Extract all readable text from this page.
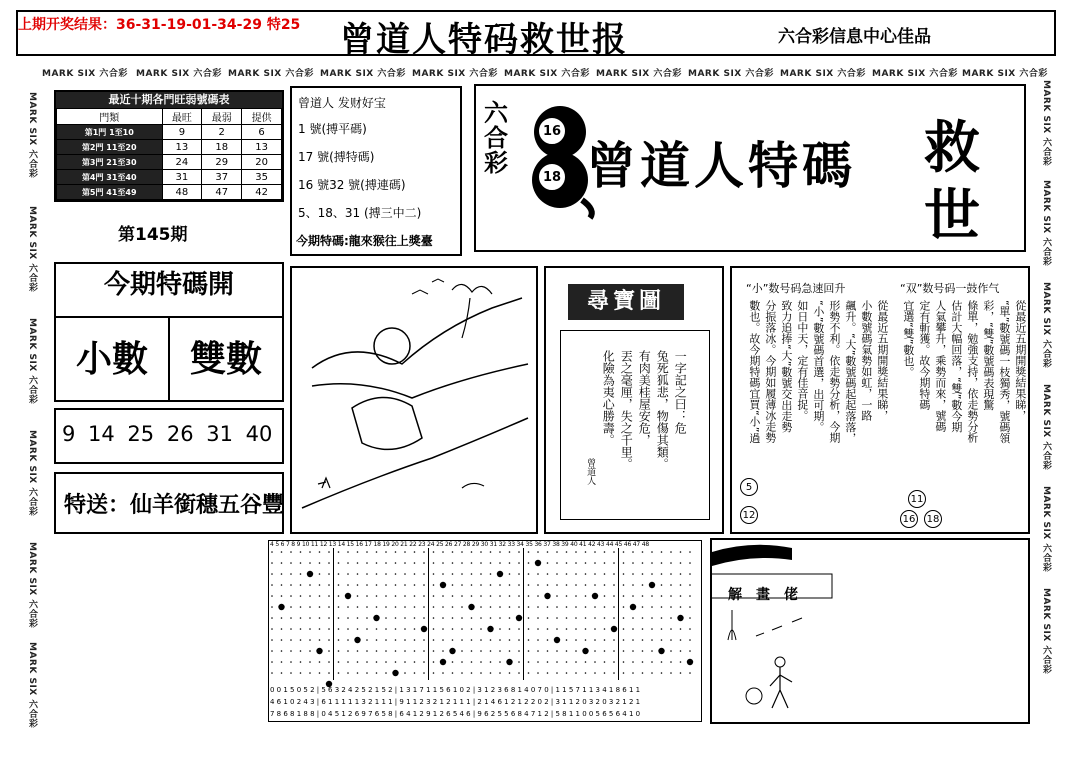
上期开奖结果：36-31-19-01-34-29 特25 曾道人特码救世报	六合彩信息中心佳品
MARK SIX 六合彩 MARK SIX 六合彩 MARK SIX 六合彩 MARK SIX 六合彩 MARK SIX 六合彩 MARK SIX 六合彩 MARK SIX 六合彩 MARK SIX 六合彩 MARK SIX 六合彩 MARK SIX 六合彩 MARK SIX 六合彩
MARK SIX 六合彩
MARK SIX 六合彩
MARK SIX 六合彩
MARK SIX 六合彩
MARK SIX 六合彩
MARK SIX 六合彩
MARK SIX 六合彩
MARK SIX 六合彩
MARK SIX 六合彩
MARK SIX 六合彩
MARK SIX 六合彩
MARK SIX 六合彩
最近十期各門旺弱號碼表
門類	最旺	最弱	提供
第1門 1至10	9	2	6
第2門 11至20	13	18	13
第3門 21至30	24	29	20
第4門 31至40	31	37	35
第5門 41至49	48	47	42
第145期
曾道人 发财好宝
1 號(搏平碼)
17 號(搏特碼)
16 號32 號(搏連碼)
5、18、31 (搏三中二)
今期特碼:龍來猴往上獎臺
六合彩
16
18 曾道人特碼 救
世
今期特碼開
小數	雙數
9 14 25 26 31 40
特送：仙羊銜穗五谷豐
尋寶圖
一字記之曰：危
兔死狐悲，物傷其類。
有肉美桂屋安危，
丟之毫厘，失之千里。
化險為夷心勝壽。
曾道人
“小”数号码急速回升	“双”数号码一鼓作气
從最近五期開獎結果睇，
小數號碼氣勢如虹，一路
飆升。“大”數號碼起起落落，
形勢不利。依走勢分析，今期
“小”數號碼首選，出可期。
如日中天，定有佳音捉。
致力追捧“大”數號交出走勢
分振落冰。今期如履薄冰走勢
數也。故今期特碼宜買“小”過	從最近五期開獎結果睇，
“單”數號碼一枝獨秀，號碼領
彩，“雙”數號碼表現驚
條單，勉強支持，依走勢分析
估計大幅回落，“雙”數今期
人氣攀升，乘勢而來，號碼
定有斬獲。故今期特碼
宜選“雙”數也。
5
12
11
16 18
4 5 6 7 8 9 10 11 12 13 14 15 16 17 18 19 20 21 22 23 24 25 26 27 28 29 30 31 32 33 34 35 36 37 38 39 40 41 42 43 44 45 46 47 48
0 0 1 5 0 5 2 | 5 6 3 2 4 2 5 2 1 5 2 | 1 3 1 7 1 1 5 6 1 0 2 | 3 1 2 3 6 8 1 4 0 7 0 | 1 1 5 7 1 1 3 4 1 8 6 1 1
4 6 1 0 2 4 3 | 6 1 1 1 1 1 3 2 1 1 1 | 9 1 1 2 3 2 1 2 1 1 1 | 2 1 4 6 1 2 1 2 2 0 2 | 3 1 1 2 0 3 2 0 3 2 1 2 1
7 8 6 8 1 8 8 | 0 4 5 1 2 6 9 7 6 5 8 | 6 4 1 2 9 1 2 6 5 4 6 | 9 6 2 5 5 6 8 4 7 1 2 | 5 8 1 1 0 0 5 6 5 6 4 1 0
解畫佬
